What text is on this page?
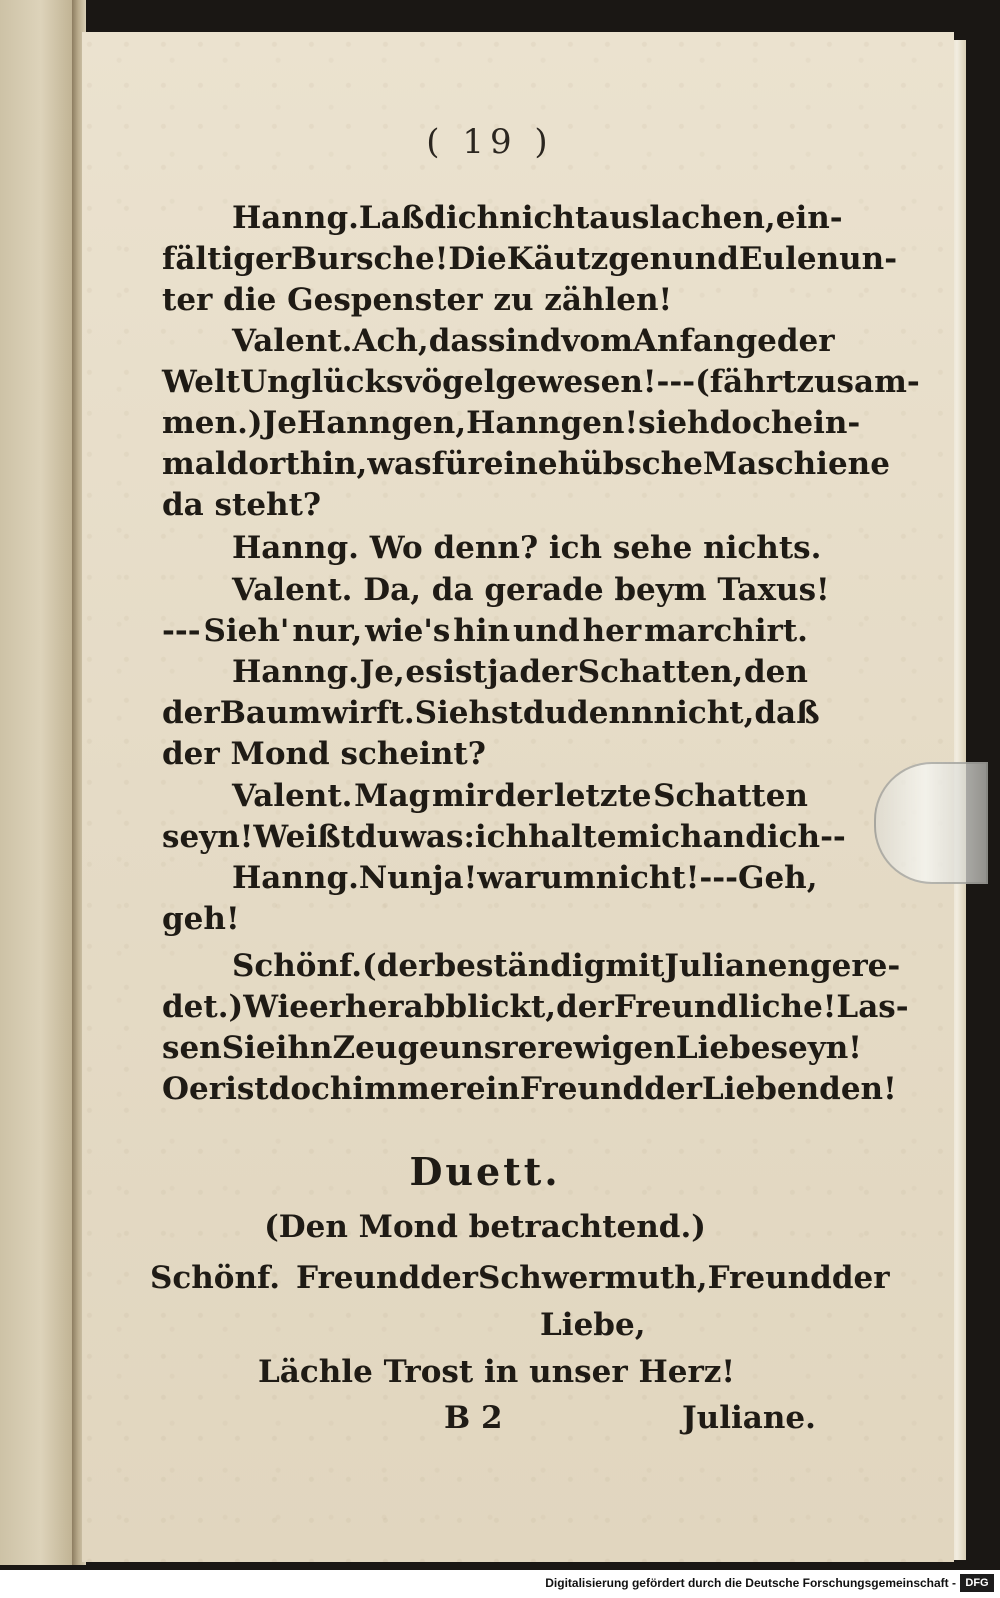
( 19 )
Hanng. Laß dich nicht auslachen, ein-
fältiger Bursche! Die Käutzgen und Eulen un-
ter die Gespenster zu zählen!
Valent. Ach, das sind vom Anfange der
Welt Unglücksvögel gewesen! --- (fährt zusam-
men.) Je Hanngen, Hanngen! sieh doch ein-
mal dort hin, was für eine hübsche Maschiene
da steht?
Hanng. Wo denn? ich sehe nichts.
Valent. Da, da gerade beym Taxus!
--- Sieh' nur, wie's hin und her marchirt.
Hanng. Je, es ist ja der Schatten, den
der Baum wirft. Siehst du denn nicht, daß
der Mond scheint?
Valent. Mag mir der letzte Schatten
seyn! Weißt du was: ich halte mich an dich --
Hanng. Nun ja! warum nicht! --- Geh,
geh!
Schönf. (der beständig mit Julianen gere-
det.) Wie er herabblickt, der Freundliche! Las-
sen Sie ihn Zeuge unsrer ewigen Liebe seyn!
O er ist doch immer ein Freund der Liebenden!
Duett.
(Den Mond betrachtend.)
Schönf. Freund der Schwermuth, Freund der
Liebe,
Lächle Trost in unser Herz!
B 2	Juliane.
Digitalisierung gefördert durch die Deutsche Forschungsgemeinschaft - DFG
